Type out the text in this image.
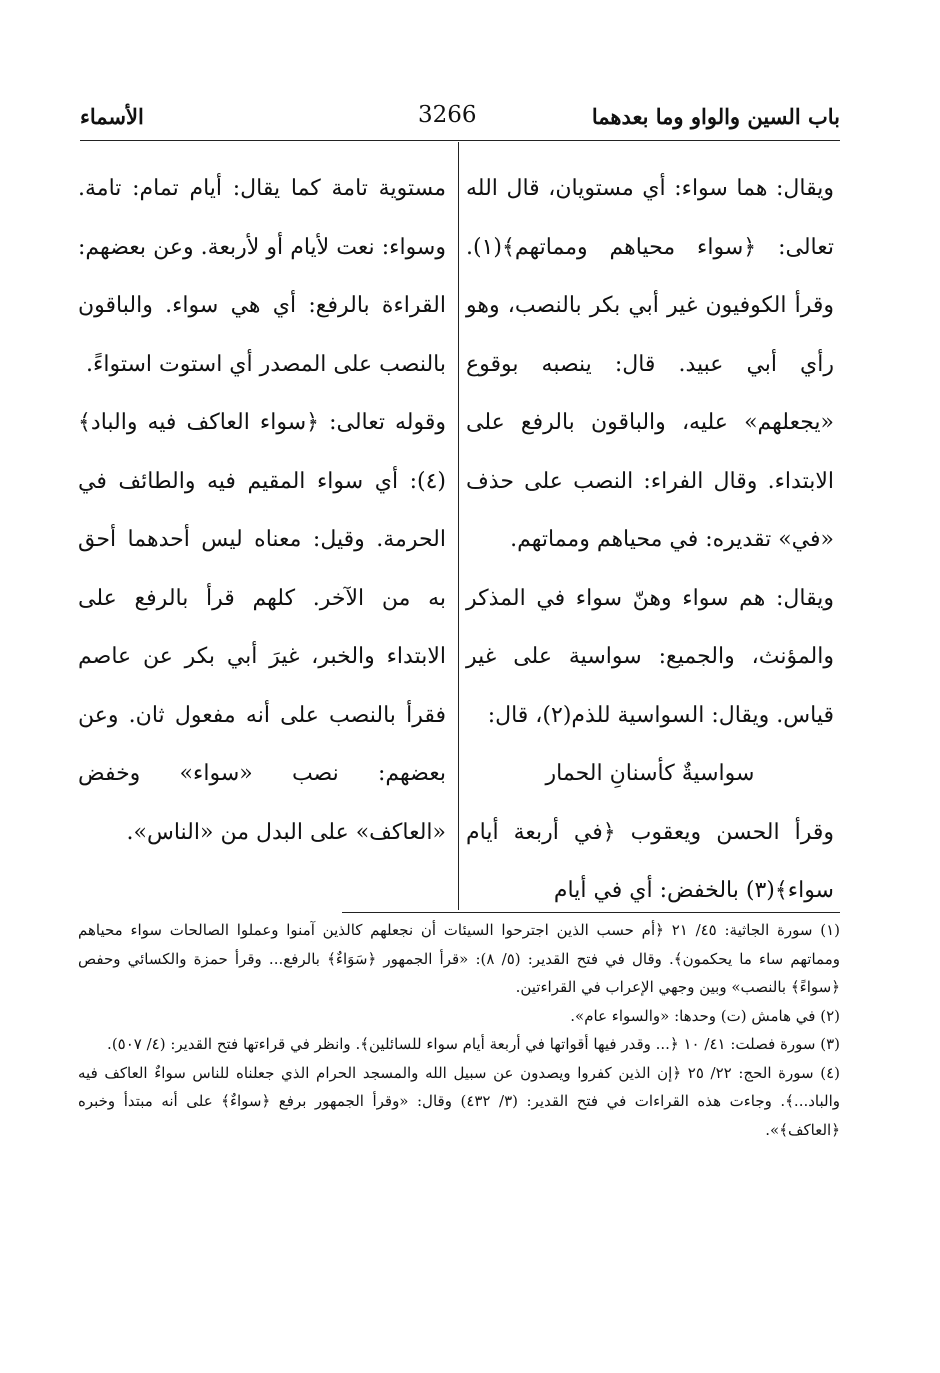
باب السين والواو وما بعدهما
3266
الأسماء

ويقال: هما سواء: أي مستويان، قال الله تعالى: ﴿سواء محياهم ومماتهم﴾(١). وقرأ الكوفيون غير أبي بكر بالنصب، وهو رأي أبي عبيد. قال: ينصبه بوقوع «يجعلهم» عليه، والباقون بالرفع على الابتداء. وقال الفراء: النصب على حذف «في» تقديره: في محياهم ومماتهم.

ويقال: هم سواء وهنّ سواء في المذكر والمؤنث، والجميع: سواسية على غير قياس. ويقال: السواسية للذم(٢)، قال:

سواسيةٌ كأسنانِ الحمار

وقرأ الحسن ويعقوب ﴿في أربعة أيام سواء﴾(٣) بالخفض: أي في أيام

مستوية تامة كما يقال: أيام تمام: تامة. وسواء: نعت لأيام أو لأربعة. وعن بعضهم: القراءة بالرفع: أي هي سواء. والباقون بالنصب على المصدر أي استوت استواءً.

وقوله تعالى: ﴿سواء العاكف فيه والباد﴾(٤): أي سواء المقيم فيه والطائف في الحرمة. وقيل: معناه ليس أحدهما أحق به من الآخر. كلهم قرأ بالرفع على الابتداء والخبر، غيرَ أبي بكر عن عاصم فقرأ بالنصب على أنه مفعول ثان. وعن بعضهم: نصب «سواء» وخفض «العاكف» على البدل من «الناس».

(١) سورة الجاثية: ٤٥/ ٢١ ﴿أم حسب الذين اجترحوا السيئات أن نجعلهم كالذين آمنوا وعملوا الصالحات سواء محياهم ومماتهم ساء ما يحكمون﴾. وقال في فتح القدير: (٥/ ٨): «قرأ الجمهور ﴿سَوَاءٌ﴾ بالرفع... وقرأ حمزة والكسائي وحفص ﴿سواءً﴾ بالنصب» وبين وجهي الإعراب في القراءتين.

(٢) في هامش (ت) وحدها: «والسواء عام».

(٣) سورة فصلت: ٤١/ ١٠ ﴿... وقدر فيها أقواتها في أربعة أيام سواء للسائلين﴾. وانظر في قراءتها فتح القدير: (٤/ ٥٠٧).

(٤) سورة الحج: ٢٢/ ٢٥ ﴿إن الذين كفروا ويصدون عن سبيل الله والمسجد الحرام الذي جعلناه للناس سواءٌ العاكف فيه والباد...﴾. وجاءت هذه القراءات في فتح القدير: (٣/ ٤٣٢) وقال: «وقرأ الجمهور برفع ﴿سواءٌ﴾ على أنه مبتدأ وخبره ﴿العاكف﴾».
